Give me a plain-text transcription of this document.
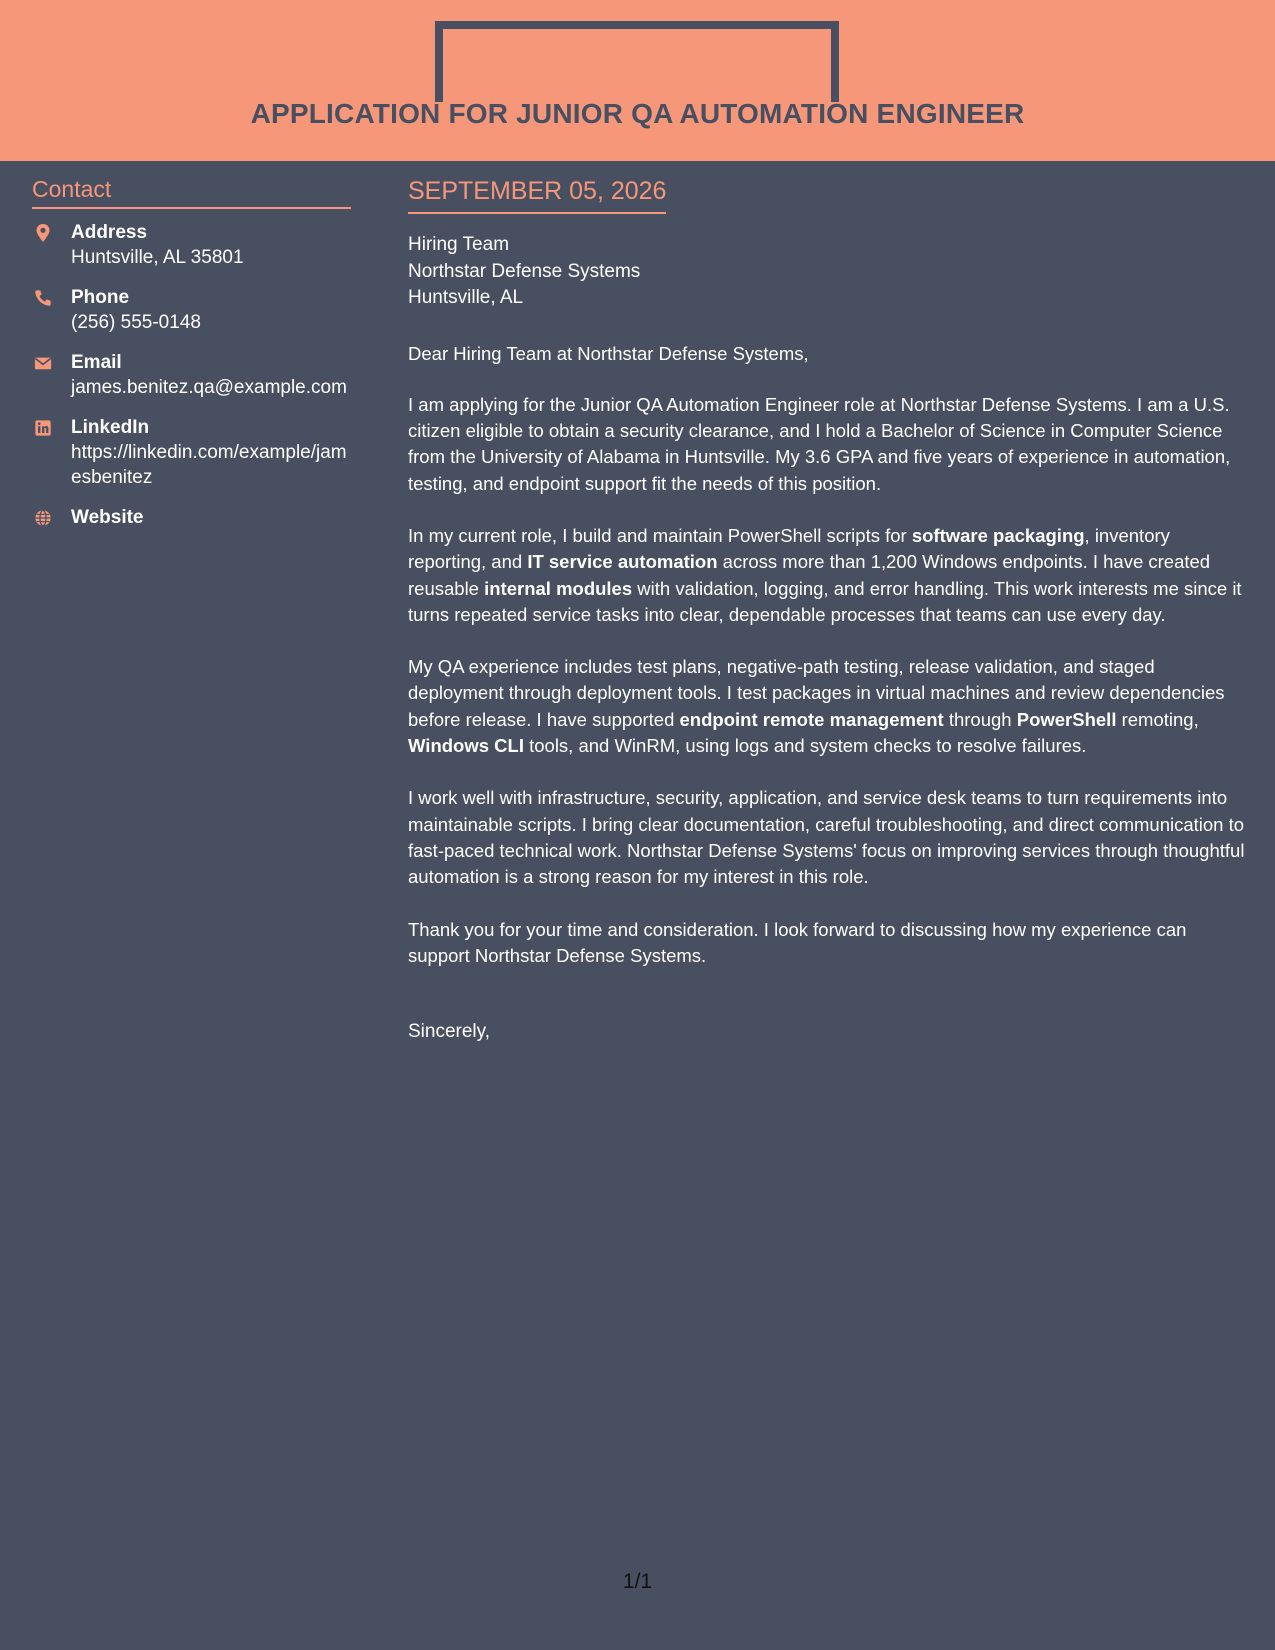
APPLICATION FOR JUNIOR QA AUTOMATION ENGINEER
Contact
Address
Huntsville, AL 35801
Phone
(256) 555-0148
Email
james.benitez.qa@example.com
LinkedIn
https://linkedin.com/example/jamesbenitez
Website
SEPTEMBER 05, 2026
Hiring Team
Northstar Defense Systems
Huntsville, AL

Dear Hiring Team at Northstar Defense Systems,

I am applying for the Junior QA Automation Engineer role at Northstar Defense Systems. I am a U.S. citizen eligible to obtain a security clearance, and I hold a Bachelor of Science in Computer Science from the University of Alabama in Huntsville. My 3.6 GPA and five years of experience in automation, testing, and endpoint support fit the needs of this position.

In my current role, I build and maintain PowerShell scripts for software packaging, inventory reporting, and IT service automation across more than 1,200 Windows endpoints. I have created reusable internal modules with validation, logging, and error handling. This work interests me since it turns repeated service tasks into clear, dependable processes that teams can use every day.

My QA experience includes test plans, negative-path testing, release validation, and staged deployment through deployment tools. I test packages in virtual machines and review dependencies before release. I have supported endpoint remote management through PowerShell remoting, Windows CLI tools, and WinRM, using logs and system checks to resolve failures.

I work well with infrastructure, security, application, and service desk teams to turn requirements into maintainable scripts. I bring clear documentation, careful troubleshooting, and direct communication to fast-paced technical work. Northstar Defense Systems' focus on improving services through thoughtful automation is a strong reason for my interest in this role.

Thank you for your time and consideration. I look forward to discussing how my experience can support Northstar Defense Systems.

Sincerely,
1/1
